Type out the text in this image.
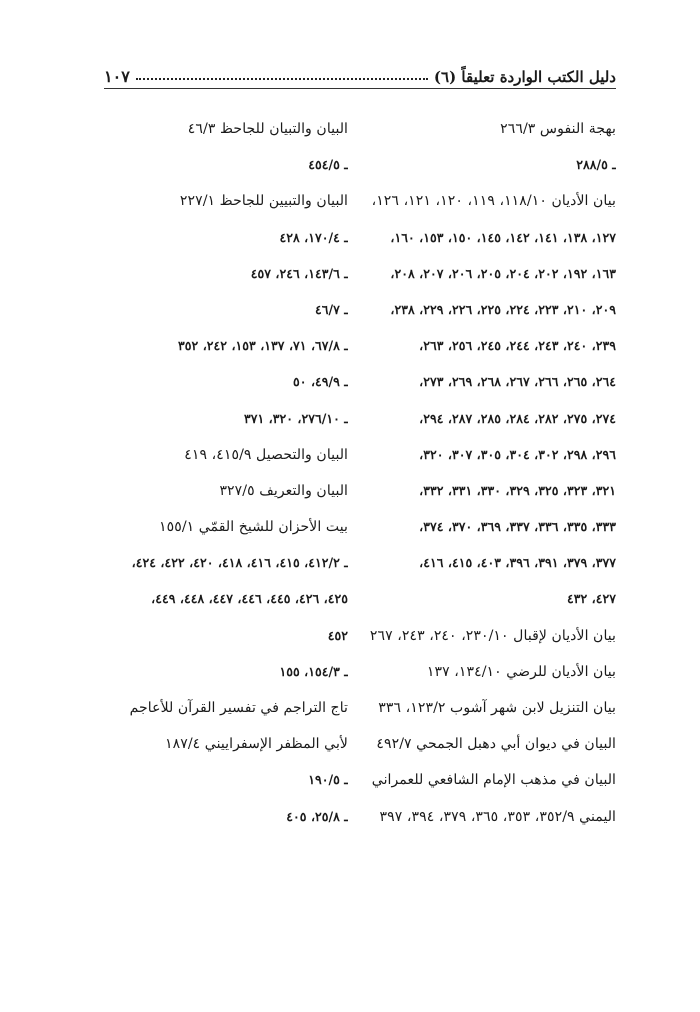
دليل الكتب الواردة تعليقاً (٦)
١٠٧
بهجة النفوس ٢٦٦/٣
ـ ٢٨٨/٥
بيان الأديان ١١٨/١٠، ١١٩، ١٢٠، ١٢١، ١٢٦،
١٢٧، ١٣٨، ١٤١، ١٤٢، ١٤٥، ١٥٠، ١٥٣، ١٦٠،
١٦٣، ١٩٢، ٢٠٢، ٢٠٤، ٢٠٥، ٢٠٦، ٢٠٧، ٢٠٨،
٢٠٩، ٢١٠، ٢٢٣، ٢٢٤، ٢٢٥، ٢٢٦، ٢٢٩، ٢٣٨،
٢٣٩، ٢٤٠، ٢٤٣، ٢٤٤، ٢٤٥، ٢٥٦، ٢٦٣،
٢٦٤، ٢٦٥، ٢٦٦، ٢٦٧، ٢٦٨، ٢٦٩، ٢٧٣،
٢٧٤، ٢٧٥، ٢٨٢، ٢٨٤، ٢٨٥، ٢٨٧، ٢٩٤،
٢٩٦، ٢٩٨، ٣٠٢، ٣٠٤، ٣٠٥، ٣٠٧، ٣٢٠،
٣٢١، ٣٢٣، ٣٢٥، ٣٢٩، ٣٣٠، ٣٣١، ٣٣٢،
٣٣٣، ٣٣٥، ٣٣٦، ٣٣٧، ٣٦٩، ٣٧٠، ٣٧٤،
٣٧٧، ٣٧٩، ٣٩١، ٣٩٦، ٤٠٣، ٤١٥، ٤١٦،
٤٢٧، ٤٣٢
بيان الأديان لإقبال ٢٣٠/١٠، ٢٤٠، ٢٤٣، ٢٦٧
بيان الأديان للرضي ١٣٤/١٠، ١٣٧
بيان التنزيل لابن شهر آشوب ١٢٣/٢، ٣٣٦
البيان في ديوان أبي دهبل الجمحي ٤٩٢/٧
البيان في مذهب الإمام الشافعي للعمراني
اليمني ٣٥٢/٩، ٣٥٣، ٣٦٥، ٣٧٩، ٣٩٤، ٣٩٧
البيان والتبيان للجاحظ ٤٦/٣
ـ ٤٥٤/٥
البيان والتبيين للجاحظ ٢٢٧/١
ـ ١٧٠/٤، ٤٢٨
ـ ١٤٣/٦، ٢٤٦، ٤٥٧
ـ ٤٦/٧
ـ ٦٧/٨، ٧١، ١٣٧، ١٥٣، ٢٤٢، ٣٥٢
ـ ٤٩/٩، ٥٠
ـ ٢٧٦/١٠، ٣٢٠، ٣٧١
البيان والتحصيل ٤١٥/٩، ٤١٩
البيان والتعريف ٣٢٧/٥
بيت الأحزان للشيخ القمّي ١٥٥/١
ـ ٤١٢/٢، ٤١٥، ٤١٦، ٤١٨، ٤٢٠، ٤٢٢، ٤٢٤،
٤٢٥، ٤٢٦، ٤٤٥، ٤٤٦، ٤٤٧، ٤٤٨، ٤٤٩،
٤٥٢
ـ ١٥٤/٣، ١٥٥
تاج التراجم في تفسير القرآن للأعاجم
لأبي المظفر الإسفراييني ١٨٧/٤
ـ ١٩٠/٥
ـ ٢٥/٨، ٤٠٥
